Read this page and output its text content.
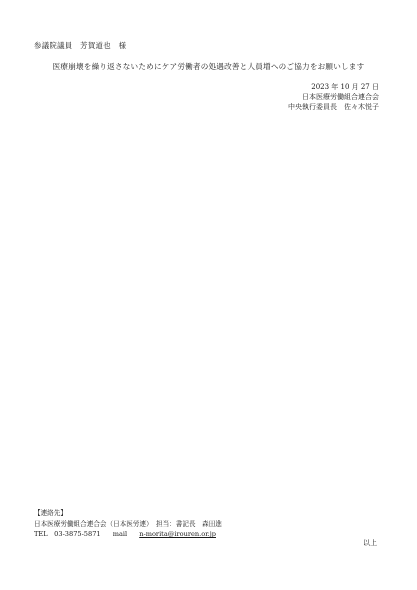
参議院議員　芳賀道也　様
医療崩壊を繰り返さないためにケア労働者の処遇改善と人員増へのご協力をお願いします
2023 年 10 月 27 日
日本医療労働組合連合会
中央執行委員長　佐々木悦子

【連絡先】
日本医療労働組合連合会（日本医労連）　担当：書記長　森田進
TEL　03-3875-5871 mail n-morita@irouren.or.jp
以上
